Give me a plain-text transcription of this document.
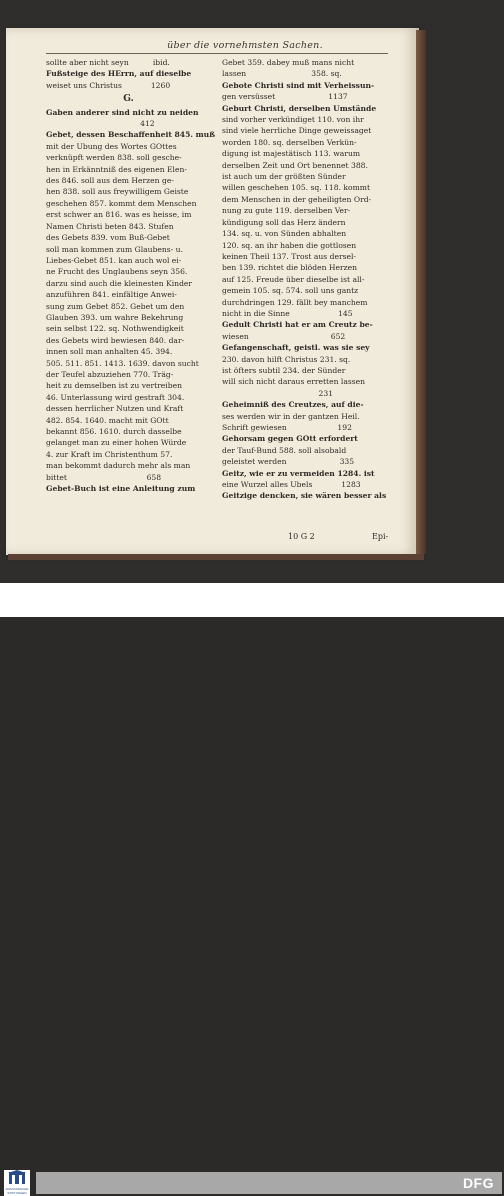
über die vornehmsten Sachen.
sollte aber nicht seyn          ibid.
Fußsteige des HErrn, auf dieselbe
weiset uns Christus            1260
G.
Gaben anderer sind nicht zu neiden
412
Gebet, dessen Beschaffenheit 845. muß
mit der Ubung des Wortes GOttes
verknüpft werden 838. soll gesche-
hen in Erkänntniß des eigenen Elen-
des 846. soll aus dem Herzen ge-
hen 838. soll aus freywilligem Geiste
geschehen 857. kommt dem Menschen
erst schwer an 816. was es heisse, im
Namen Christi beten 843. Stufen
des Gebets 839. vom Buß-Gebet
soll man kommen zum Glaubens- u.
Liebes-Gebet 851. kan auch wol ei-
ne Frucht des Unglaubens seyn 356.
darzu sind auch die kleinesten Kinder
anzuführen 841. einfältige Anwei-
sung zum Gebet 852. Gebet um den
Glauben 393. um wahre Bekehrung
sein selbst 122. sq. Nothwendigkeit
des Gebets wird bewiesen 840. dar-
innen soll man anhalten 45. 394.
505. 511. 851. 1413. 1639. davon sucht
der Teufel abzuziehen 770. Träg-
heit zu demselben ist zu vertreiben
46. Unterlassung wird gestraft 304.
dessen herrlicher Nutzen und Kraft
482. 854. 1640. macht mit GOtt
bekannt 856. 1610. durch dasselbe
gelanget man zu einer hohen Würde
4. zur Kraft im Christenthum 57.
man bekommt dadurch mehr als man
bittet                                 658
Gebet-Buch ist eine Anleitung zum
Gebet 359. dabey muß mans nicht
lassen                           358. sq.
Gebote Christi sind mit Verheissun-
gen versüsset                      1137
Geburt Christi, derselben Umstände
sind vorher verkündiget 110. von ihr
sind viele herrliche Dinge geweissaget
worden 180. sq. derselben Verkün-
digung ist majestätisch 113. warum
derselben Zeit und Ort benennet 388.
ist auch um der größten Sünder
willen geschehen 105. sq. 118. kommt
dem Menschen in der geheiligten Ord-
nung zu gute 119. derselben Ver-
kündigung soll das Herz ändern
134. sq. u. von Sünden abhalten
120. sq. an ihr haben die gottlosen
keinen Theil 137. Trost aus dersel-
ben 139. richtet die blöden Herzen
auf 125. Freude über dieselbe ist all-
gemein 105. sq. 574. soll uns gantz
durchdringen 129. fällt bey manchem
nicht in die Sinne                    145
Gedult Christi hat er am Creutz be-
wiesen                                  652
Gefangenschaft, geistl. was sie sey
230. davon hilft Christus 231. sq.
ist öfters subtil 234. der Sünder
will sich nicht daraus erretten lassen
231
Geheimniß des Creutzes, auf die-
ses werden wir in der gantzen Heil.
Schrift gewiesen                     192
Gehorsam gegen GOtt erfordert
der Tauf-Bund 588. soll alsobald
geleistet werden                      335
Geitz, wie er zu vermeiden 1284. ist
eine Wurzel alles Ubels            1283
Geitzige dencken, sie wären besser als
10 G 2	Epi-
FRANCKESCHE STIFTUNGEN
DFG
